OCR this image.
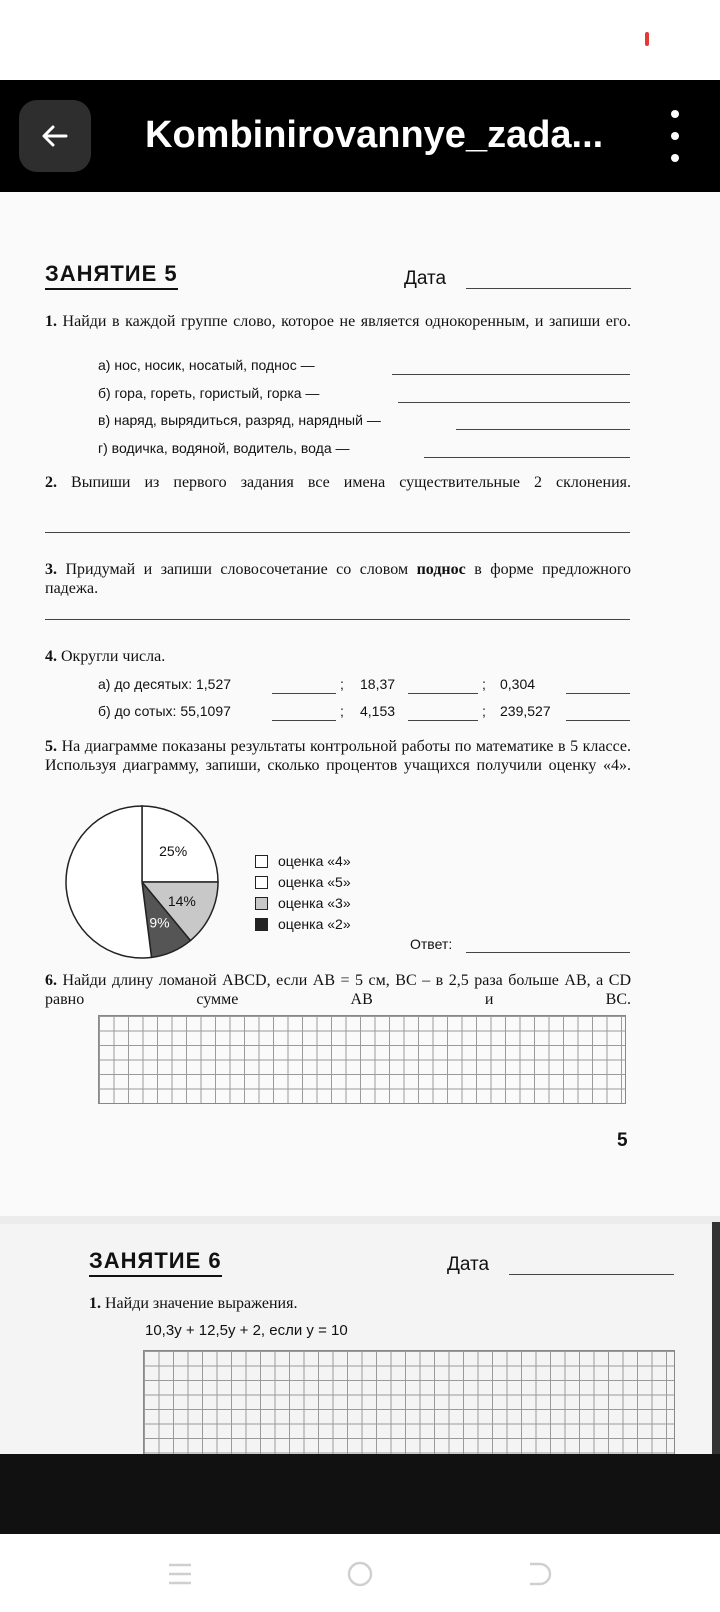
Kombinirovannye_zada...
ЗАНЯТИЕ 5	Дата
1. Найди в каждой группе слово, которое не является однокоренным, и запиши его.
а) нос, носик, носатый, поднос —
б) гора, гореть, гористый, горка —
в) наряд, вырядиться, разряд, нарядный —
г) водичка, водяной, водитель, вода —
2. Выпиши из первого задания все имена существительные 2 склонения.
3. Придумай и запиши словосочетание со словом поднос в форме предложного падежа.
4. Округли числа.
а) до десятых: 1,527	; 18,37	; 0,304
б) до сотых: 55,1097	; 4,153	; 239,527
5. На диаграмме показаны результаты контрольной работы по математике в 5 классе. Используя диаграмму, запиши, сколько процентов учащихся получили оценку «4».
25%
14%
9%
оценка «4»
оценка «5»
оценка «3»
оценка «2»
Ответ:
6. Найди длину ломаной ABCD, если AB = 5 см, BC – в 2,5 раза больше AB, а CD равно сумме AB и BC.
5
ЗАНЯТИЕ 6	Дата
1. Найди значение выражения.
10,3y + 12,5y + 2, если y = 10
